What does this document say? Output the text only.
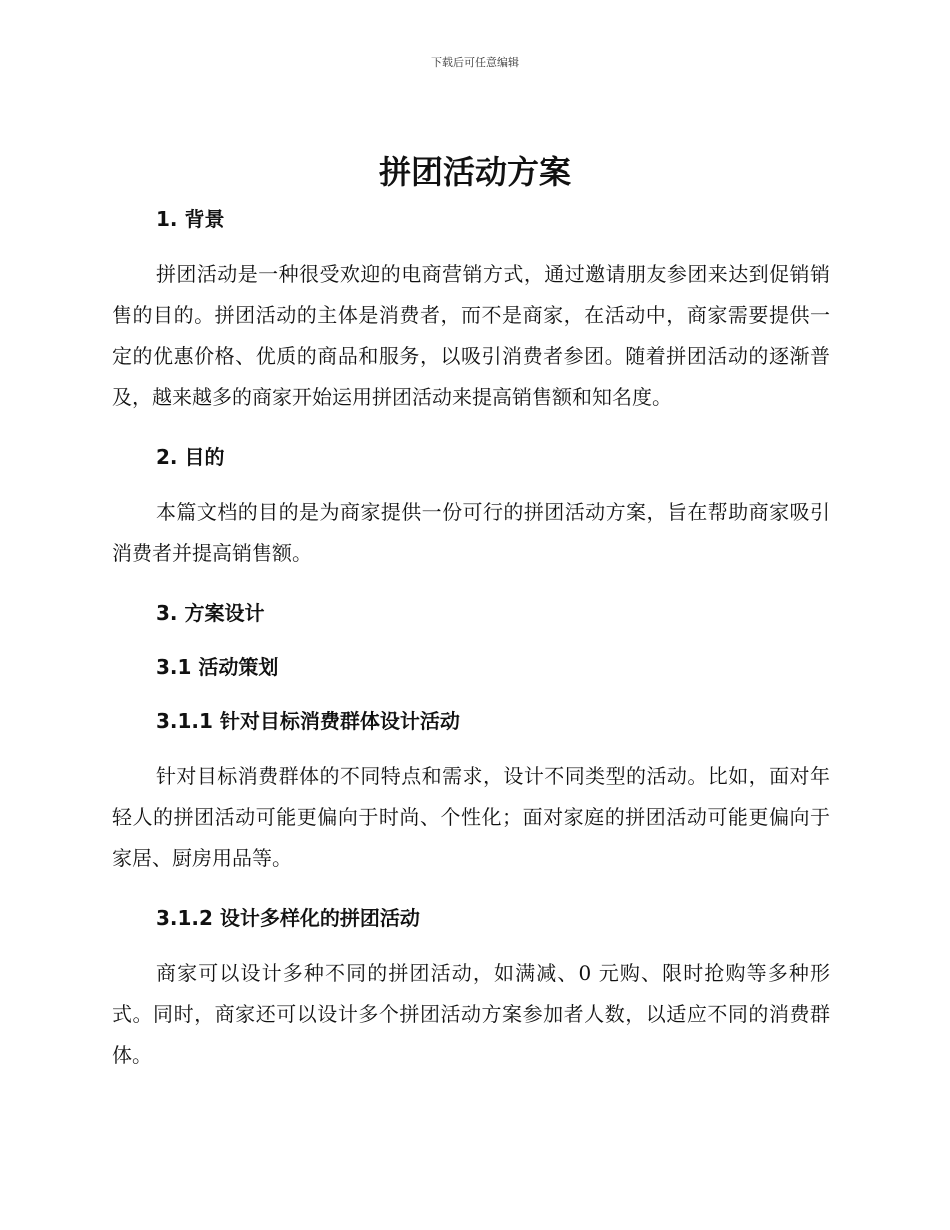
下载后可任意编辑
拼团活动方案
1. 背景

拼团活动是一种很受欢迎的电商营销方式，通过邀请朋友参团来达到促销销售的目的。拼团活动的主体是消费者，而不是商家，在活动中，商家需要提供一定的优惠价格、优质的商品和服务，以吸引消费者参团。随着拼团活动的逐渐普及，越来越多的商家开始运用拼团活动来提高销售额和知名度。

2. 目的

本篇文档的目的是为商家提供一份可行的拼团活动方案，旨在帮助商家吸引消费者并提高销售额。

3. 方案设计
3.1 活动策划
3.1.1 针对目标消费群体设计活动

针对目标消费群体的不同特点和需求，设计不同类型的活动。比如，面对年轻人的拼团活动可能更偏向于时尚、个性化；面对家庭的拼团活动可能更偏向于家居、厨房用品等。

3.1.2 设计多样化的拼团活动

商家可以设计多种不同的拼团活动，如满减、0 元购、限时抢购等多种形式。同时，商家还可以设计多个拼团活动方案参加者人数，以适应不同的消费群体。
